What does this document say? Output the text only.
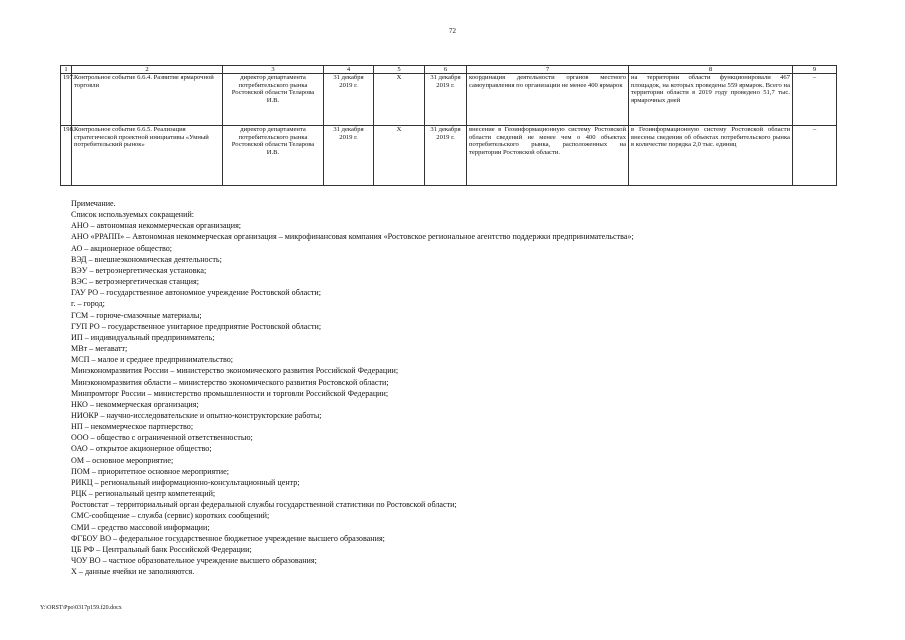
72
1	2	3	4	5	6	7	8	9
197.	Контрольное событие 6.6.4. Развитие ярмарочной торговли	директор департамента потребительского рынка Ростовской области Теларова И.В.	31 декабря 2019 г.	X	31 декабря 2019 г.	координация деятельности органов местного самоуправления по организации не менее 400 ярмарок	на территории области функционировали 467 площадок, на которых проведены 559 ярмарок. Всего на территории области в 2019 году проведено 51,7 тыс. ярмарочных дней	–
198.	Контрольное событие 6.6.5. Реализация стратегической проектной инициативы «Умный потребительский рынок»	директор департамента потребительского рынка Ростовской области Теларова И.В.	31 декабря 2019 г.	X	31 декабря 2019 г.	внесение в Геоинформационную систему Ростовской области сведений не менее чем о 400 объектах потребительского рынка, расположенных на территории Ростовской области.	в Геоинформационную систему Ростовской области внесены сведения об объектах потребительского рынка в количестве порядка 2,0 тыс. единиц	–
Примечание.
Список используемых сокращений:
АНО – автономная некоммерческая организация;
АНО «РРАПП» – Автономная некоммерческая организация – микрофинансовая компания «Ростовское региональное агентство поддержки предпринимательства»;
АО – акционерное общество;
ВЭД – внешнеэкономическая деятельность;
ВЭУ – ветроэнергетическая установка;
ВЭС – ветроэнергетическая станция;
ГАУ РО – государственное автономное учреждение Ростовской области;
г. – город;
ГСМ – горюче-смазочные материалы;
ГУП РО – государственное унитарное предприятие Ростовской области;
ИП – индивидуальный предприниматель;
МВт – мегаватт;
МСП – малое и среднее предпринимательство;
Минэкономразвития России – министерство экономического развития Российской Федерации;
Минэкономразвития области – министерство экономического развития Ростовской области;
Минпромторг России – министерство промышленности и торговли Российской Федерации;
НКО – некоммерческая организация;
НИОКР – научно-исследовательские и опытно-конструкторские работы;
НП – некоммерческое партнерство;
ООО – общество с ограниченной ответственностью;
ОАО – открытое акционерное общество;
ОМ – основное мероприятие;
ПОМ – приоритетное основное мероприятие;
РИКЦ – региональный информационно-консультационный центр;
РЦК – региональный центр компетенций;
Ростовстат – территориальный орган федеральной службы государственной статистики по Ростовской области;
СМС-сообщение – служба (сервис) коротких сообщений;
СМИ – средство массовой информации;
ФГБОУ ВО – федеральное государственное бюджетное учреждение высшего образования;
ЦБ РФ – Центральный банк Российской Федерации;
ЧОУ ВО – частное образовательное учреждение высшего образования;
Х – данные ячейки не заполняются.
Y:\ORST\Ppo\0317p159.f20.docx
